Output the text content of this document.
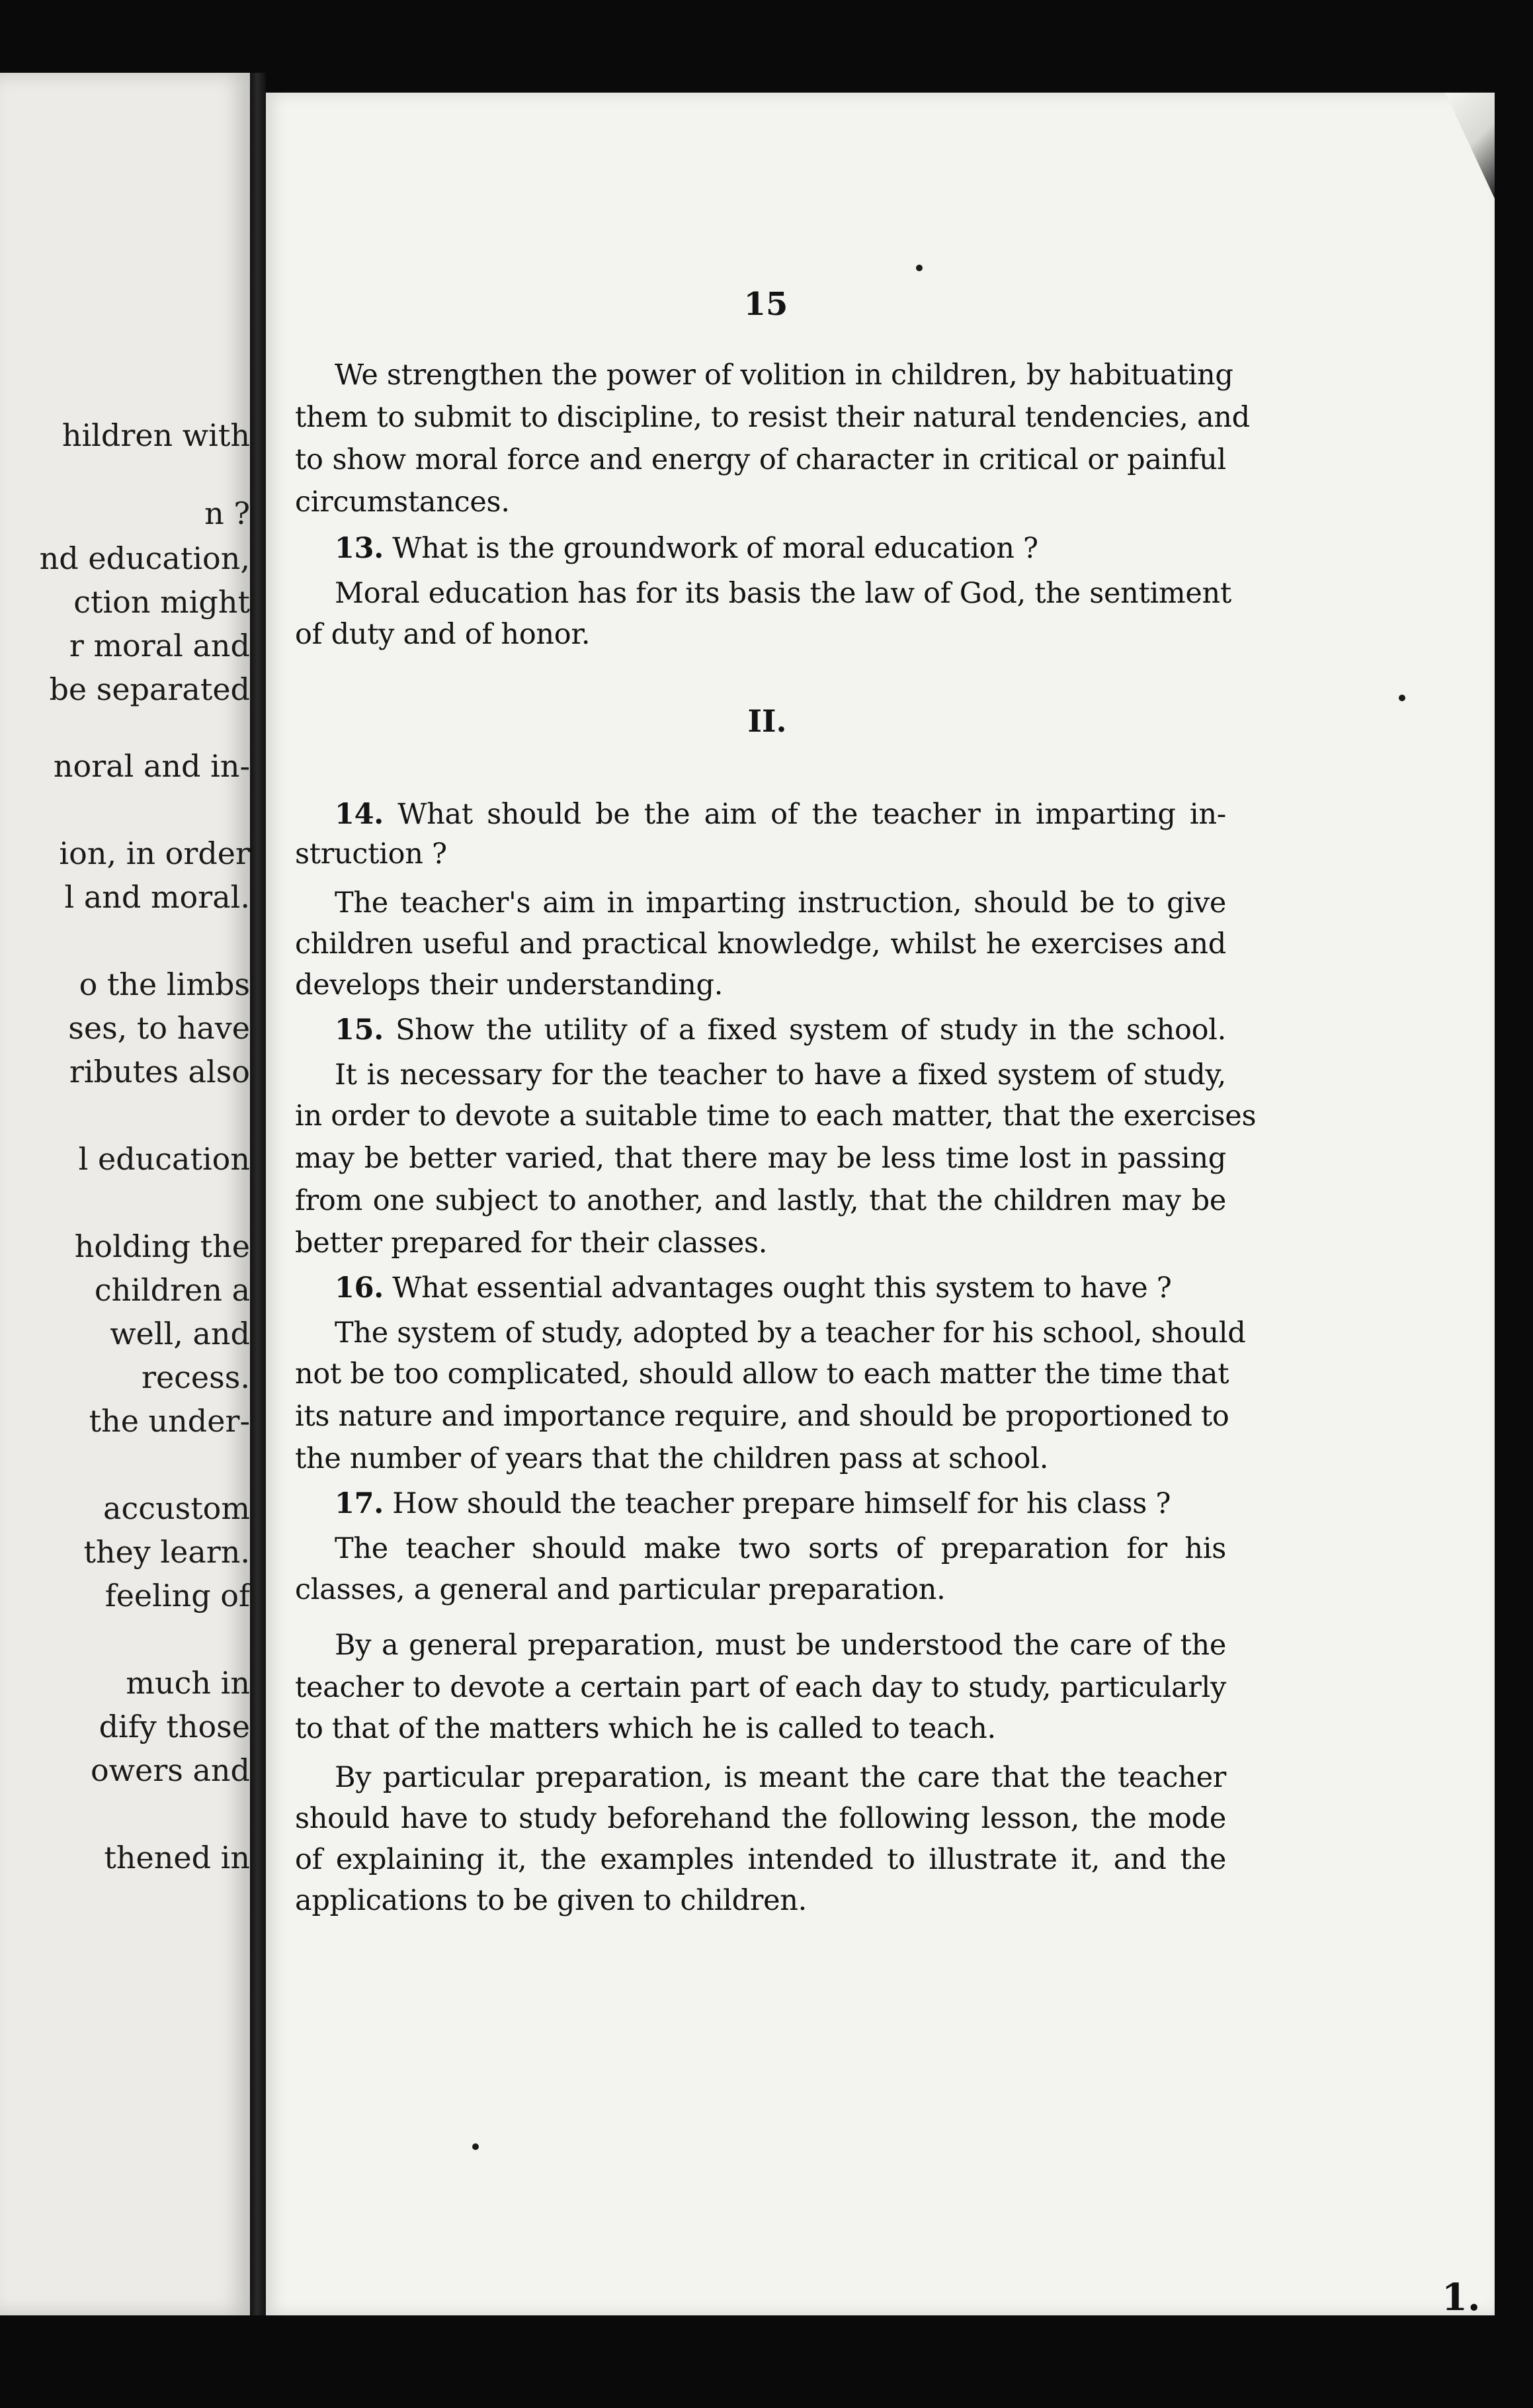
hildren with
n ?
nd education,
ction might
r moral and
be separated
noral and in-
ion, in order
l and moral.
o the limbs
ses, to have
ributes also
l education
holding the
children a
well, and
recess.
the under-
accustom
they learn.
feeling of
much in
dify those
owers and
thened in
15
We strengthen the power of volition in children, by habituating
them to submit to discipline, to resist their natural tendencies, and
to show moral force and energy of character in critical or painful
circumstances.
13. What is the groundwork of moral education ?
Moral education has for its basis the law of God, the sentiment
of duty and of honor.
II.
14. What should be the aim of the teacher in imparting in-
struction ?
The teacher's aim in imparting instruction, should be to give
children useful and practical knowledge, whilst he exercises and
develops their understanding.
15. Show the utility of a fixed system of study in the school.
It is necessary for the teacher to have a fixed system of study,
in order to devote a suitable time to each matter, that the exercises
may be better varied, that there may be less time lost in passing
from one subject to another, and lastly, that the children may be
better prepared for their classes.
16. What essential advantages ought this system to have ?
The system of study, adopted by a teacher for his school, should
not be too complicated, should allow to each matter the time that
its nature and importance require, and should be proportioned to
the number of years that the children pass at school.
17. How should the teacher prepare himself for his class ?
The teacher should make two sorts of preparation for his
classes, a general and particular preparation.
By a general preparation, must be understood the care of the
teacher to devote a certain part of each day to study, particularly
to that of the matters which he is called to teach.
By particular preparation, is meant the care that the teacher
should have to study beforehand the following lesson, the mode
of explaining it, the examples intended to illustrate it, and the
applications to be given to children.
1.
